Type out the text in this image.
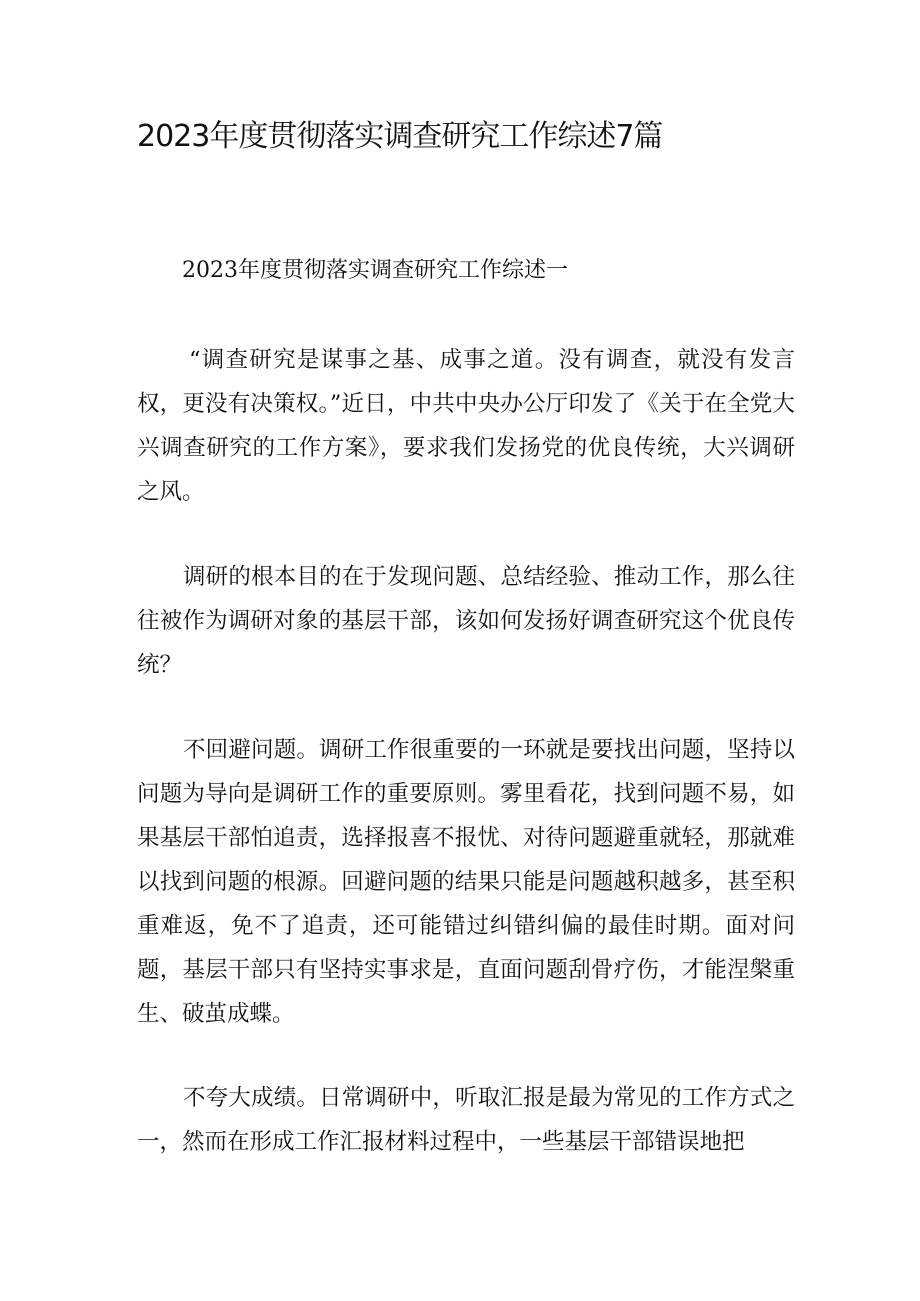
2023年度贯彻落实调查研究工作综述7篇
2023年度贯彻落实调查研究工作综述一

“调查研究是谋事之基、成事之道。没有调查，就没有发言权，更没有决策权。”近日，中共中央办公厅印发了《关于在全党大兴调查研究的工作方案》，要求我们发扬党的优良传统，大兴调研之风。

调研的根本目的在于发现问题、总结经验、推动工作，那么往往被作为调研对象的基层干部，该如何发扬好调查研究这个优良传统？

不回避问题。调研工作很重要的一环就是要找出问题，坚持以问题为导向是调研工作的重要原则。雾里看花，找到问题不易，如果基层干部怕追责，选择报喜不报忧、对待问题避重就轻，那就难以找到问题的根源。回避问题的结果只能是问题越积越多，甚至积重难返，免不了追责，还可能错过纠错纠偏的最佳时期。面对问题，基层干部只有坚持实事求是，直面问题刮骨疗伤，才能涅槃重生、破茧成蝶。

不夸大成绩。日常调研中，听取汇报是最为常见的工作方式之一，然而在形成工作汇报材料过程中，一些基层干部错误地把
